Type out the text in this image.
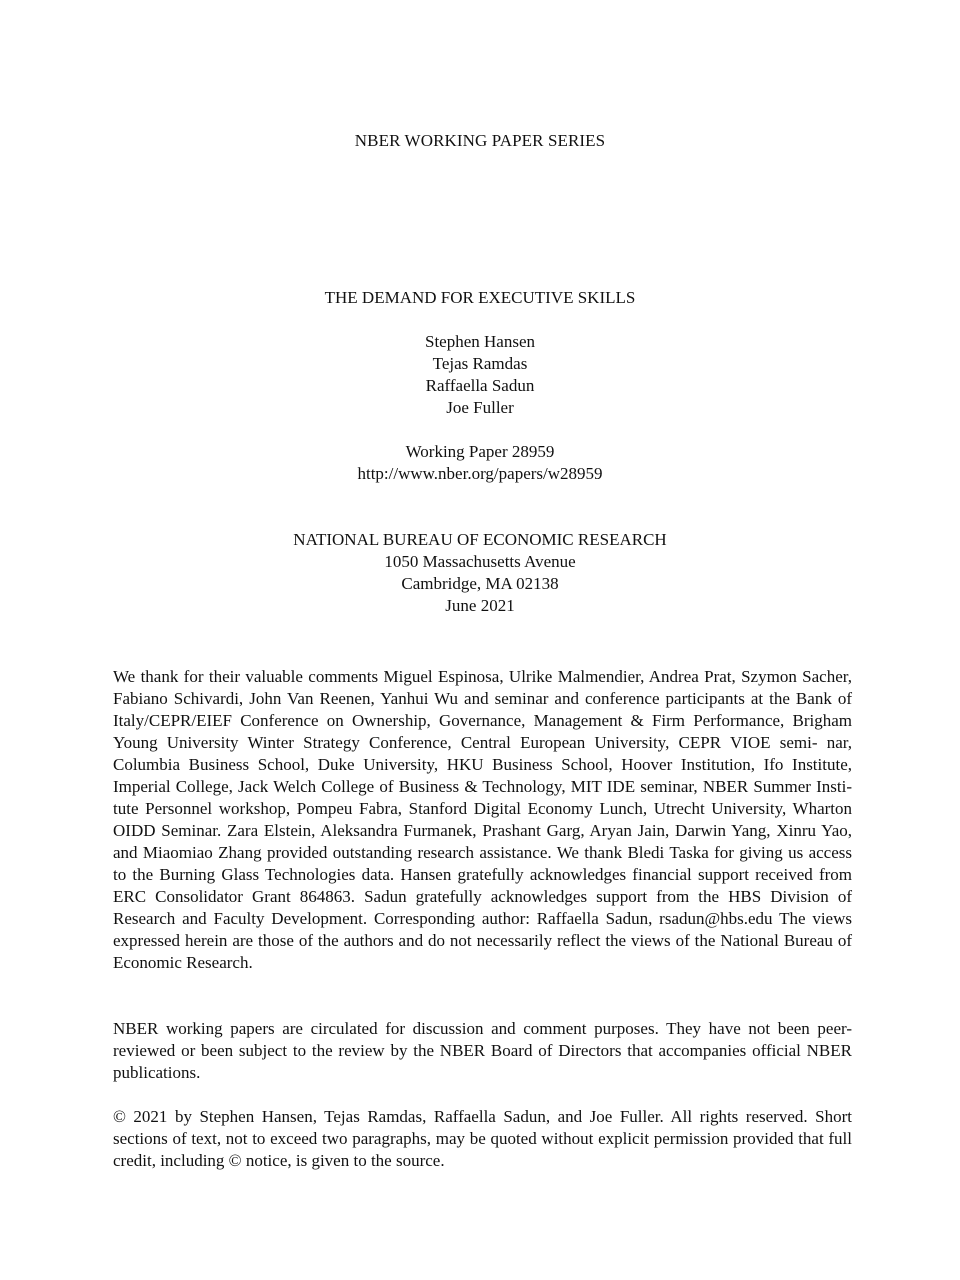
NBER WORKING PAPER SERIES
THE DEMAND FOR EXECUTIVE SKILLS
Stephen Hansen
Tejas Ramdas
Raffaella Sadun
Joe Fuller
Working Paper 28959
http://www.nber.org/papers/w28959
NATIONAL BUREAU OF ECONOMIC RESEARCH
1050 Massachusetts Avenue
Cambridge, MA 02138
June 2021

We thank for their valuable comments Miguel Espinosa, Ulrike Malmendier, Andrea Prat, Szymon Sacher, Fabiano Schivardi, John Van Reenen, Yanhui Wu and seminar and conference participants at the Bank of Italy/CEPR/EIEF Conference on Ownership, Governance, Management & Firm Performance, Brigham Young University Winter Strategy Conference, Central European University, CEPR VIOE semi- nar, Columbia Business School, Duke University, HKU Business School, Hoover Institution, Ifo Institute, Imperial College, Jack Welch College of Business & Technology, MIT IDE seminar, NBER Summer Insti- tute Personnel workshop, Pompeu Fabra, Stanford Digital Economy Lunch, Utrecht University, Wharton OIDD Seminar. Zara Elstein, Aleksandra Furmanek, Prashant Garg, Aryan Jain, Darwin Yang, Xinru Yao, and Miaomiao Zhang provided outstanding research assistance. We thank Bledi Taska for giving us access to the Burning Glass Technologies data. Hansen gratefully acknowledges financial support received from ERC Consolidator Grant 864863. Sadun gratefully acknowledges support from the HBS Division of Research and Faculty Development. Corresponding author: Raffaella Sadun, rsadun@hbs.edu The views expressed herein are those of the authors and do not necessarily reflect the views of the National Bureau of Economic Research.

NBER working papers are circulated for discussion and comment purposes. They have not been peer-reviewed or been subject to the review by the NBER Board of Directors that accompanies official NBER publications.

© 2021 by Stephen Hansen, Tejas Ramdas, Raffaella Sadun, and Joe Fuller. All rights reserved. Short sections of text, not to exceed two paragraphs, may be quoted without explicit permission provided that full credit, including © notice, is given to the source.
